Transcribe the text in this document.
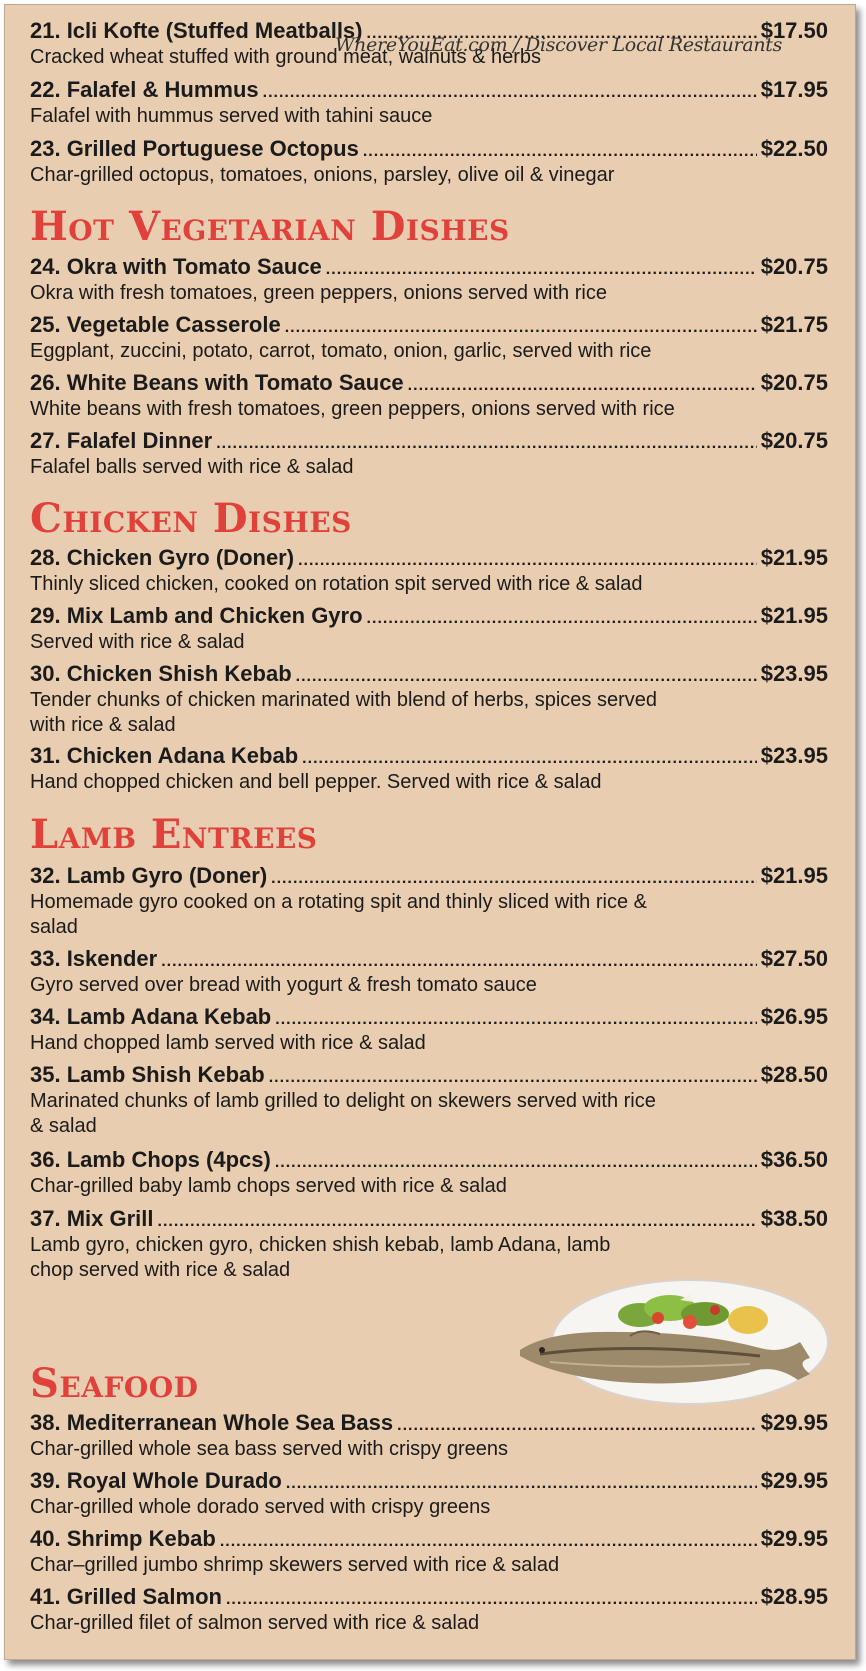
WhereYouEat.com / Discover Local Restaurants
21. Icli Kofte (Stuffed Meatballs) .....	$17.50
Cracked wheat stuffed with ground meat, walnuts & herbs
22. Falafel & Hummus .....	$17.95
Falafel with hummus served with tahini sauce
23. Grilled Portuguese Octopus .....	$22.50
Char-grilled octopus, tomatoes, onions, parsley, olive oil & vinegar
Hot Vegetarian Dishes
24. Okra with Tomato Sauce .....	$20.75
Okra with fresh tomatoes, green peppers, onions served with rice
25. Vegetable Casserole .....	$21.75
Eggplant, zuccini, potato, carrot, tomato, onion, garlic, served with rice
26. White Beans with Tomato Sauce .....	$20.75
White beans with fresh tomatoes, green peppers, onions served with rice
27. Falafel Dinner .....	$20.75
Falafel balls served with rice & salad
Chicken Dishes
28. Chicken Gyro (Doner) .....	$21.95
Thinly sliced chicken, cooked on rotation spit served with rice & salad
29. Mix Lamb and Chicken Gyro .....	$21.95
Served with rice & salad
30. Chicken Shish Kebab .....	$23.95
Tender chunks of chicken marinated with blend of herbs, spices served with rice & salad
31. Chicken Adana Kebab .....	$23.95
Hand chopped chicken and bell pepper. Served with rice & salad
Lamb Entrees
32. Lamb Gyro (Doner) .....	$21.95
Homemade gyro cooked on a rotating spit and thinly sliced with rice & salad
33. Iskender .....	$27.50
Gyro served over bread with yogurt & fresh tomato sauce
34. Lamb Adana Kebab .....	$26.95
Hand chopped lamb served with rice & salad
35. Lamb Shish Kebab .....	$28.50
Marinated chunks of lamb grilled to delight on skewers served with rice & salad
36. Lamb Chops (4pcs) .....	$36.50
Char-grilled baby lamb chops served with rice & salad
37. Mix Grill .....	$38.50
Lamb gyro, chicken gyro, chicken shish kebab, lamb Adana, lamb chop served with rice & salad
Seafood
38. Mediterranean Whole Sea Bass .....	$29.95
Char-grilled whole sea bass served with crispy greens
39. Royal Whole Durado .....	$29.95
Char-grilled whole dorado served with crispy greens
40. Shrimp Kebab .....	$29.95
Char–grilled jumbo shrimp skewers served with rice & salad
41. Grilled Salmon .....	$28.95
Char-grilled filet of salmon served with rice & salad
